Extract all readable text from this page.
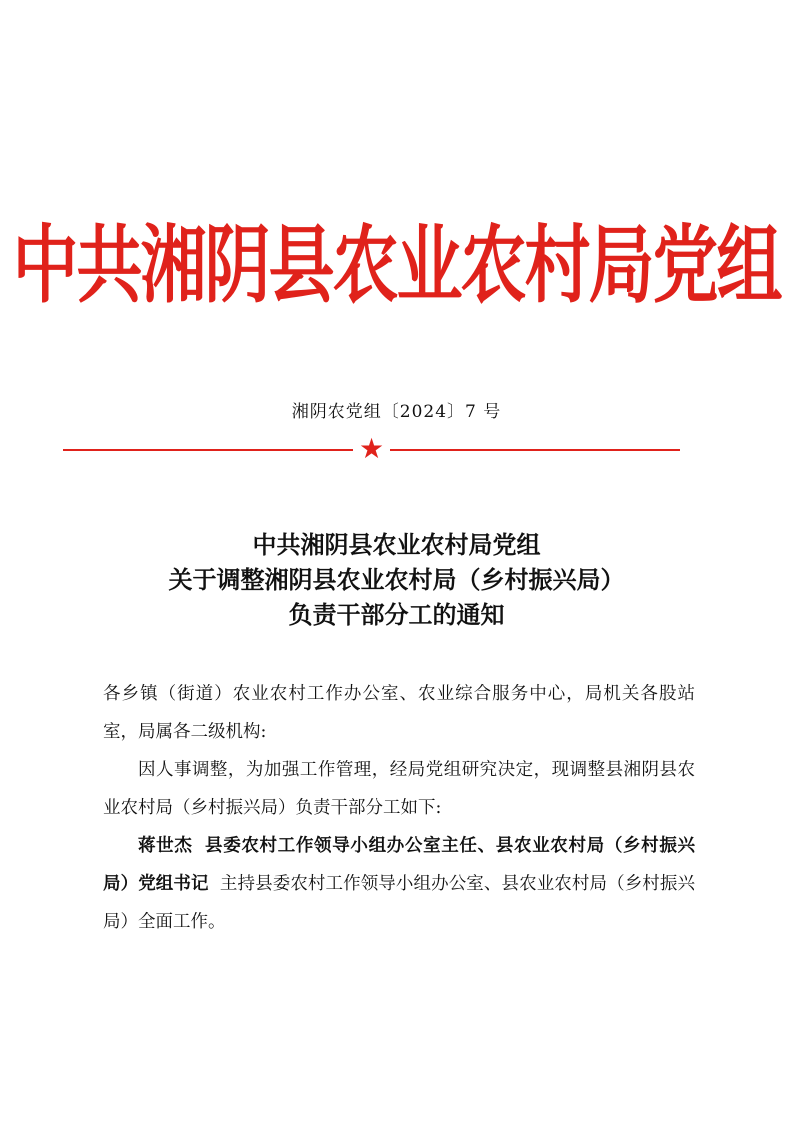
中共湘阴县农业农村局党组
湘阴农党组〔2024〕7 号
★
中共湘阴县农业农村局党组
关于调整湘阴县农业农村局（乡村振兴局）
负责干部分工的通知

各乡镇（街道）农业农村工作办公室、农业综合服务中心，局机关各股站室，局属各二级机构:

因人事调整，为加强工作管理，经局党组研究决定，现调整县湘阴县农业农村局（乡村振兴局）负责干部分工如下:

蒋世杰 县委农村工作领导小组办公室主任、县农业农村局（乡村振兴局）党组书记 主持县委农村工作领导小组办公室、县农业农村局（乡村振兴局）全面工作。
